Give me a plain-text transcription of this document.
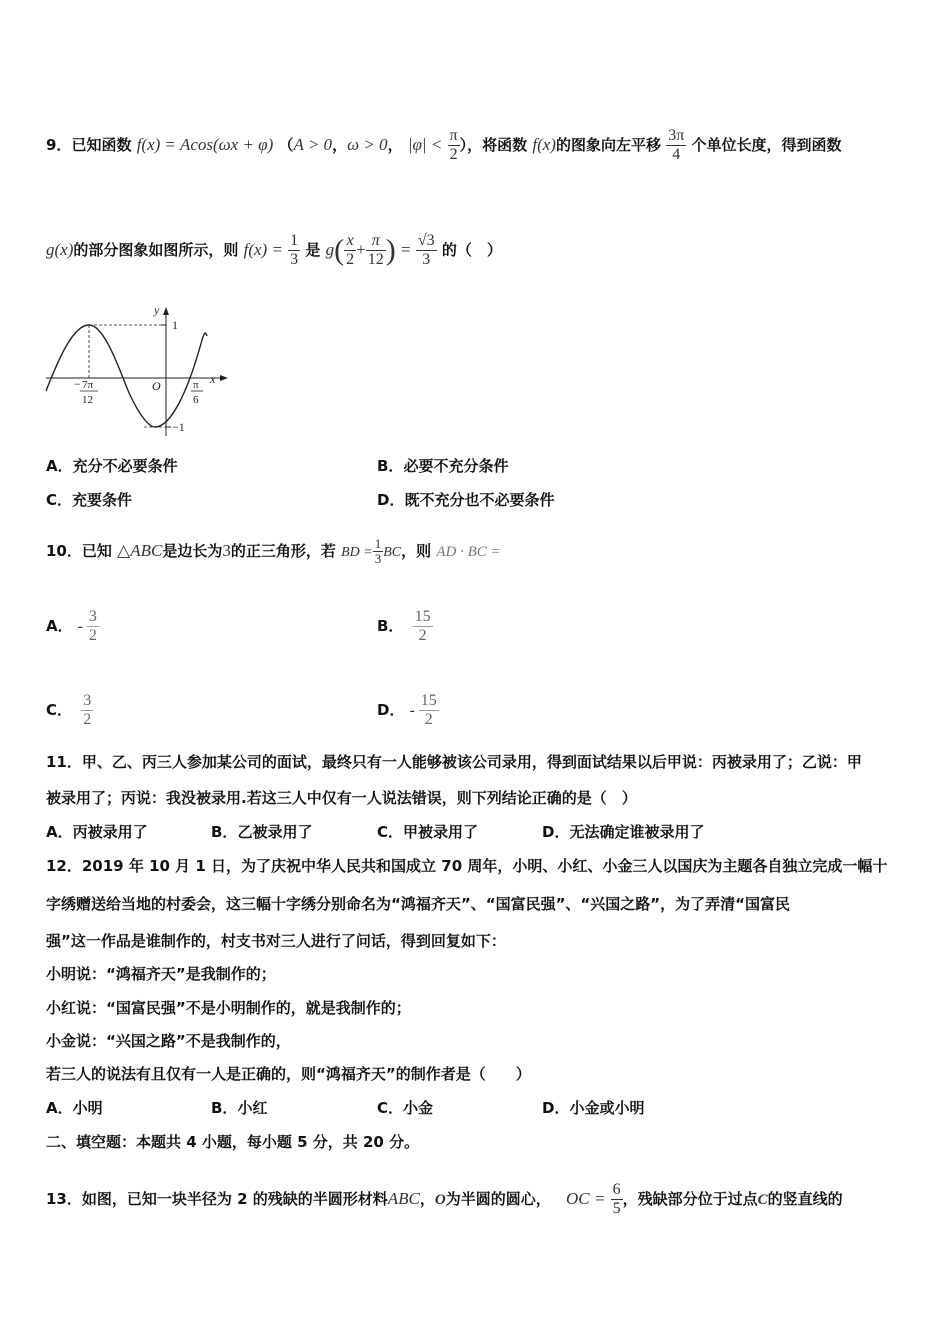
9．已知函数 f(x) = Acos(ωx + φ) （A > 0，ω > 0， $|\varphi| < \frac{\pi}{2}$ ），将函数 f(x)的图象向左平移 $\frac{3\pi}{4}$ 个单位长度，得到函数
g(x)的部分图象如图所示，则 $f(x) = \frac{1}{3}$ 是 $g( \frac{x}{2} + \frac{\pi}{12}$ ) = $\frac{√3}{3}$ 的（　）
y
x
O
1
−1
− 7π
12
π
6
A．充分不必要条件	B．必要不充分条件
C．充要条件	D．既不充分也不必要条件
10．已知 △ABC是边长为3的正三角形，若 BD = $\frac{1}{3}$ BC，则 AD · BC =
A． - $\frac{3}{2}$	B． $\frac{15}{2}$
C． $\frac{3}{2}$	D． - $\frac{15}{2}$
11．甲、乙、丙三人参加某公司的面试，最终只有一人能够被该公司录用，得到面试结果以后甲说：丙被录用了；乙说：甲
被录用了；丙说：我没被录用.若这三人中仅有一人说法错误，则下列结论正确的是（　）
A．丙被录用了	B．乙被录用了	C．甲被录用了	D．无法确定谁被录用了
12．2019 年 10 月 1 日，为了庆祝中华人民共和国成立 70 周年，小明、小红、小金三人以国庆为主题各自独立完成一幅十
字绣赠送给当地的村委会，这三幅十字绣分别命名为“鸿福齐天”、“国富民强”、“兴国之路”，为了弄清“国富民
强”这一作品是谁制作的，村支书对三人进行了问话，得到回复如下：
小明说：“鸿福齐天”是我制作的；
小红说：“国富民强”不是小明制作的，就是我制作的；
小金说：“兴国之路”不是我制作的，
若三人的说法有且仅有一人是正确的，则“鸿福齐天”的制作者是（　　）
A．小明	B．小红	C．小金	D．小金或小明
二、填空题：本题共 4 小题，每小题 5 分，共 20 分。
13．如图，已知一块半径为 2 的残缺的半圆形材料ABC，O为半圆的圆心， OC = $\frac{6}{5}$ ，残缺部分位于过点C的竖直线的
